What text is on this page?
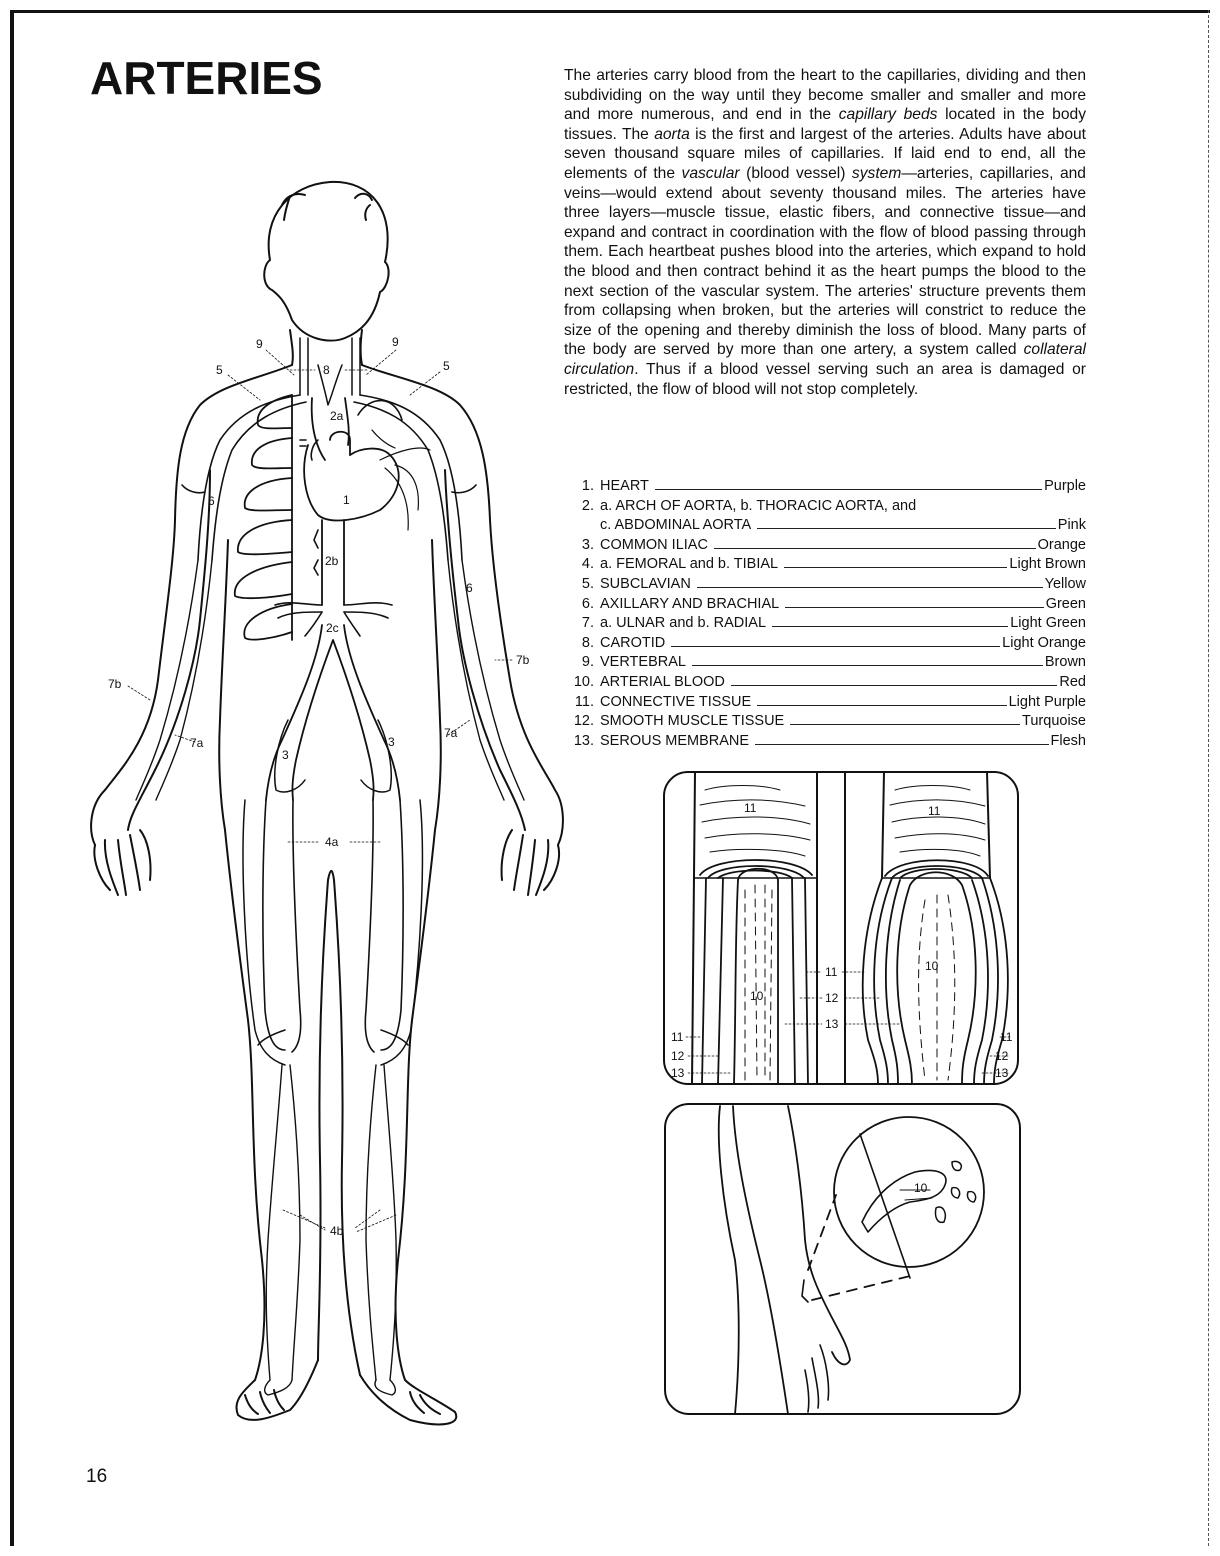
ARTERIES	The arteries carry blood from the heart to the capillaries, dividing and then subdividing on the way until they become smaller and smaller and more and more numerous, and end in the capillary beds located in the body tissues. The aorta is the first and largest of the arteries. Adults have about seven thousand square miles of capillaries. If laid end to end, all the elements of the vascular (blood vessel) system—arteries, capillaries, and veins—would extend about seventy thousand miles. The arteries have three layers—muscle tissue, elastic fibers, and connective tissue—and expand and contract in coordination with the flow of blood passing through them. Each heartbeat pushes blood into the arteries, which expand to hold the blood and then contract behind it as the heart pumps the blood to the next section of the vascular system. The arteries' structure prevents them from collapsing when broken, but the arteries will constrict to reduce the size of the opening and thereby diminish the loss of blood. Many parts of the body are served by more than one artery, a system called collateral circulation. Thus if a blood vessel serving such an area is damaged or restricted, the flow of blood will not stop completely.

1. HEART	Purple
2. a. ARCH OF AORTA, b. THORACIC AORTA, and
c. ABDOMINAL AORTA	Pink
3. COMMON ILIAC	Orange
4. a. FEMORAL and b. TIBIAL	Light Brown
5. SUBCLAVIAN	Yellow
6. AXILLARY AND BRACHIAL	Green
7. a. ULNAR and b. RADIAL	Light Green
8. CAROTID	Light Orange
9. VERTEBRAL	Brown
10. ARTERIAL BLOOD	Red
11. CONNECTIVE TISSUE	Light Purple
12. SMOOTH MUSCLE TISSUE	Turquoise
13. SEROUS MEMBRANE	Flesh

16

9	9
5	5
8
2a
1
2b
2c
6
6
7b
7b
7a
7a
3
3
4a
4b
11	11
10
10
11
12
13
11
12
13
11
12
13
10
